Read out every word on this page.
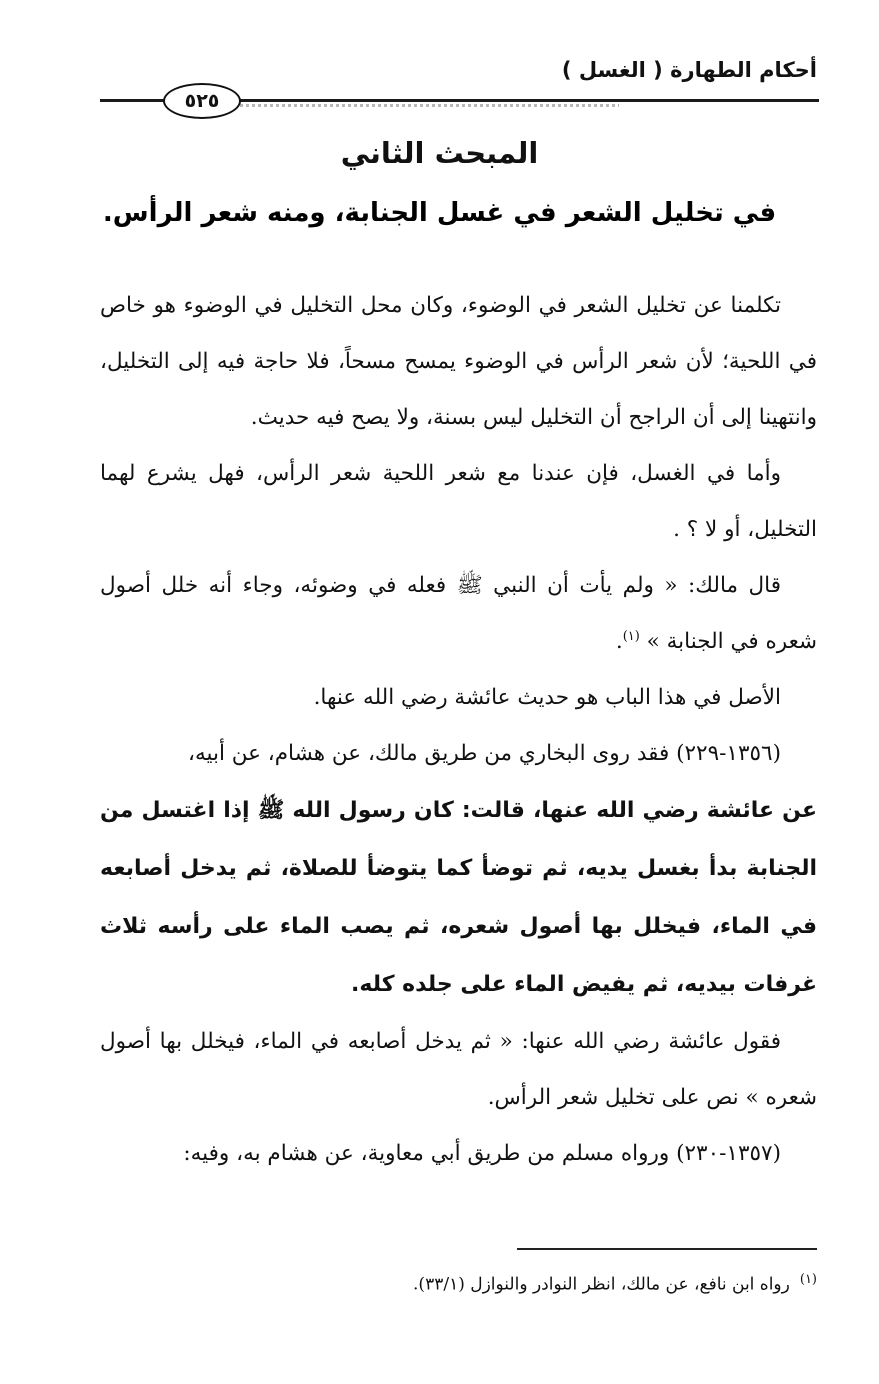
أحكام الطهارة ( الغسل )
٥٢٥
المبحث الثاني
في تخليل الشعر في غسل الجنابة، ومنه شعر الرأس.

تكلمنا عن تخليل الشعر في الوضوء، وكان محل التخليل في الوضوء هو خاص في اللحية؛ لأن شعر الرأس في الوضوء يمسح مسحاً، فلا حاجة فيه إلى التخليل، وانتهينا إلى أن الراجح أن التخليل ليس بسنة، ولا يصح فيه حديث.

وأما في الغسل، فإن عندنا مع شعر اللحية شعر الرأس، فهل يشرع لهما التخليل، أو لا ؟ .

قال مالك: « ولم يأت أن النبي ﷺ فعله في وضوئه، وجاء أنه خلل أصول شعره في الجنابة » $^{(١)}$.

الأصل في هذا الباب هو حديث عائشة رضي الله عنها.

(١٣٥٦-٢٢٩) فقد روى البخاري من طريق مالك، عن هشام، عن أبيه،

عن عائشة رضي الله عنها، قالت: كان رسول الله ﷺ إذا اغتسل من الجنابة بدأ بغسل يديه، ثم توضأ كما يتوضأ للصلاة، ثم يدخل أصابعه في الماء، فيخلل بها أصول شعره، ثم يصب الماء على رأسه ثلاث غرفات بيديه، ثم يفيض الماء على جلده كله.

فقول عائشة رضي الله عنها: « ثم يدخل أصابعه في الماء، فيخلل بها أصول شعره » نص على تخليل شعر الرأس.

(١٣٥٧-٢٣٠) ورواه مسلم من طريق أبي معاوية، عن هشام به، وفيه:

$^{(١)}$رواه ابن نافع، عن مالك، انظر النوادر والنوازل (٣٣/١).
